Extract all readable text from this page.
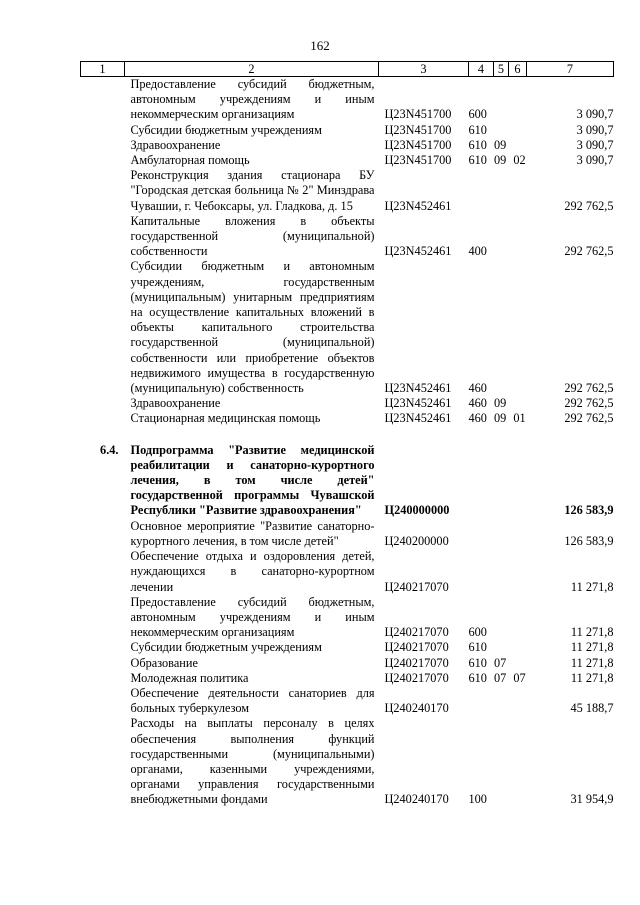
162
1	2	3	4	5	6	7
	Предоставление субсидий бюджетным, автономным учреждениям и иным некоммерческим организациям	Ц23N451700	600			3 090,7
	Субсидии бюджетным учреждениям	Ц23N451700	610			3 090,7
	Здравоохранение	Ц23N451700	610 09			3 090,7
	Амбулаторная помощь	Ц23N451700	610 09 02			3 090,7
	Реконструкция здания стационара БУ "Городская детская больница № 2" Минздрава Чувашии, г. Чебоксары, ул. Гладкова, д. 15	Ц23N452461				292 762,5
	Капитальные вложения в объекты государственной (муниципальной) собственности	Ц23N452461	400			292 762,5
	Субсидии бюджетным и автономным учреждениям, государственным (муниципальным) унитарным предприятиям на осуществление капитальных вложений в объекты капитального строительства государственной (муниципальной) собственности или приобретение объектов недвижимого имущества в государственную (муниципальную) собственность	Ц23N452461	460			292 762,5
	Здравоохранение	Ц23N452461	460 09			292 762,5
	Стационарная медицинская помощь	Ц23N452461	460 09 01			292 762,5

6.4.	Подпрограмма "Развитие медицинской реабилитации и санаторно-курортного лечения, в том числе детей" государственной программы Чувашской Республики "Развитие здравоохранения"	Ц240000000				126 583,9
	Основное мероприятие "Развитие санаторно-курортного лечения, в том числе детей"	Ц240200000				126 583,9
	Обеспечение отдыха и оздоровления детей, нуждающихся в санаторно-курортном лечении	Ц240217070				11 271,8
	Предоставление субсидий бюджетным, автономным учреждениям и иным некоммерческим организациям	Ц240217070	600			11 271,8
	Субсидии бюджетным учреждениям	Ц240217070	610			11 271,8
	Образование	Ц240217070	610 07			11 271,8
	Молодежная политика	Ц240217070	610 07 07			11 271,8
	Обеспечение деятельности санаториев для больных туберкулезом	Ц240240170				45 188,7
	Расходы на выплаты персоналу в целях обеспечения выполнения функций государственными (муниципальными) органами, казенными учреждениями, органами управления государственными внебюджетными фондами	Ц240240170	100			31 954,9
